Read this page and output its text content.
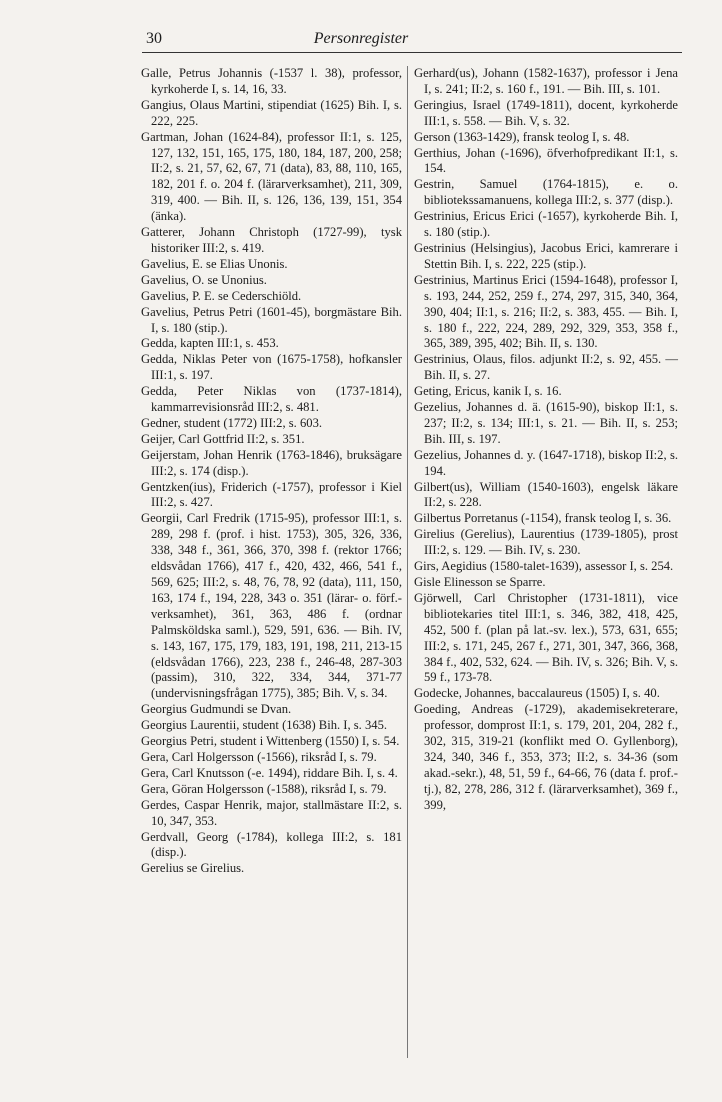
30	Personregister

Galle, Petrus Johannis (-1537 l. 38), professor, kyrkoherde I, s. 14, 16, 33.

Gangius, Olaus Martini, stipendiat (1625) Bih. I, s. 222, 225.

Gartman, Johan (1624-84), professor II:1, s. 125, 127, 132, 151, 165, 175, 180, 184, 187, 200, 258; II:2, s. 21, 57, 62, 67, 71 (data), 83, 88, 110, 165, 182, 201 f. o. 204 f. (lärarverksamhet), 211, 309, 319, 400. — Bih. II, s. 126, 136, 139, 151, 354 (änka).

Gatterer, Johann Christoph (1727-99), tysk historiker III:2, s. 419.

Gavelius, E. se Elias Unonis.

Gavelius, O. se Unonius.

Gavelius, P. E. se Cederschiöld.

Gavelius, Petrus Petri (1601-45), borgmästare Bih. I, s. 180 (stip.).

Gedda, kapten III:1, s. 453.

Gedda, Niklas Peter von (1675-1758), hofkansler III:1, s. 197.

Gedda, Peter Niklas von (1737-1814), kammarrevisionsråd III:2, s. 481.

Gedner, student (1772) III:2, s. 603.

Geijer, Carl Gottfrid II:2, s. 351.

Geijerstam, Johan Henrik (1763-1846), bruksägare III:2, s. 174 (disp.).

Gentzken(ius), Friderich (-1757), professor i Kiel III:2, s. 427.

Georgii, Carl Fredrik (1715-95), professor III:1, s. 289, 298 f. (prof. i hist. 1753), 305, 326, 336, 338, 348 f., 361, 366, 370, 398 f. (rektor 1766; eldsvådan 1766), 417 f., 420, 432, 466, 541 f., 569, 625; III:2, s. 48, 76, 78, 92 (data), 111, 150, 163, 174 f., 194, 228, 343 o. 351 (lärar- o. förf.-verksamhet), 361, 363, 486 f. (ordnar Palmsköldska saml.), 529, 591, 636. — Bih. IV, s. 143, 167, 175, 179, 183, 191, 198, 211, 213-15 (eldsvådan 1766), 223, 238 f., 246-48, 287-303 (passim), 310, 322, 334, 344, 371-77 (undervisningsfrågan 1775), 385; Bih. V, s. 34.

Georgius Gudmundi se Dvan.

Georgius Laurentii, student (1638) Bih. I, s. 345.

Georgius Petri, student i Wittenberg (1550) I, s. 54.

Gera, Carl Holgersson (-1566), riksråd I, s. 79.

Gera, Carl Knutsson (-e. 1494), riddare Bih. I, s. 4.

Gera, Göran Holgersson (-1588), riksråd I, s. 79.

Gerdes, Caspar Henrik, major, stallmästare II:2, s. 10, 347, 353.

Gerdvall, Georg (-1784), kollega III:2, s. 181 (disp.).

Gerelius se Girelius.

Gerhard(us), Johann (1582-1637), professor i Jena I, s. 241; II:2, s. 160 f., 191. — Bih. III, s. 101.

Geringius, Israel (1749-1811), docent, kyrkoherde III:1, s. 558. — Bih. V, s. 32.

Gerson (1363-1429), fransk teolog I, s. 48.

Gerthius, Johan (-1696), öfverhofpredikant II:1, s. 154.

Gestrin, Samuel (1764-1815), e. o. bibliotekssamanuens, kollega III:2, s. 377 (disp.).

Gestrinius, Ericus Erici (-1657), kyrkoherde Bih. I, s. 180 (stip.).

Gestrinius (Helsingius), Jacobus Erici, kamrerare i Stettin Bih. I, s. 222, 225 (stip.).

Gestrinius, Martinus Erici (1594-1648), professor I, s. 193, 244, 252, 259 f., 274, 297, 315, 340, 364, 390, 404; II:1, s. 216; II:2, s. 383, 455. — Bih. I, s. 180 f., 222, 224, 289, 292, 329, 353, 358 f., 365, 389, 395, 402; Bih. II, s. 130.

Gestrinius, Olaus, filos. adjunkt II:2, s. 92, 455. — Bih. II, s. 27.

Geting, Ericus, kanik I, s. 16.

Gezelius, Johannes d. ä. (1615-90), biskop II:1, s. 237; II:2, s. 134; III:1, s. 21. — Bih. II, s. 253; Bih. III, s. 197.

Gezelius, Johannes d. y. (1647-1718), biskop II:2, s. 194.

Gilbert(us), William (1540-1603), engelsk läkare II:2, s. 228.

Gilbertus Porretanus (-1154), fransk teolog I, s. 36.

Girelius (Gerelius), Laurentius (1739-1805), prost III:2, s. 129. — Bih. IV, s. 230.

Girs, Aegidius (1580-talet-1639), assessor I, s. 254.

Gisle Elinesson se Sparre.

Gjörwell, Carl Christopher (1731-1811), vice bibliotekaries titel III:1, s. 346, 382, 418, 425, 452, 500 f. (plan på lat.-sv. lex.), 573, 631, 655; III:2, s. 171, 245, 267 f., 271, 301, 347, 366, 368, 384 f., 402, 532, 624. — Bih. IV, s. 326; Bih. V, s. 59 f., 173-78.

Godecke, Johannes, baccalaureus (1505) I, s. 40.

Goeding, Andreas (-1729), akademisekreterare, professor, domprost II:1, s. 179, 201, 204, 282 f., 302, 315, 319-21 (konflikt med O. Gyllenborg), 324, 340, 346 f., 353, 373; II:2, s. 34-36 (som akad.-sekr.), 48, 51, 59 f., 64-66, 76 (data f. prof.-tj.), 82, 278, 286, 312 f. (lärarverksamhet), 369 f., 399,
